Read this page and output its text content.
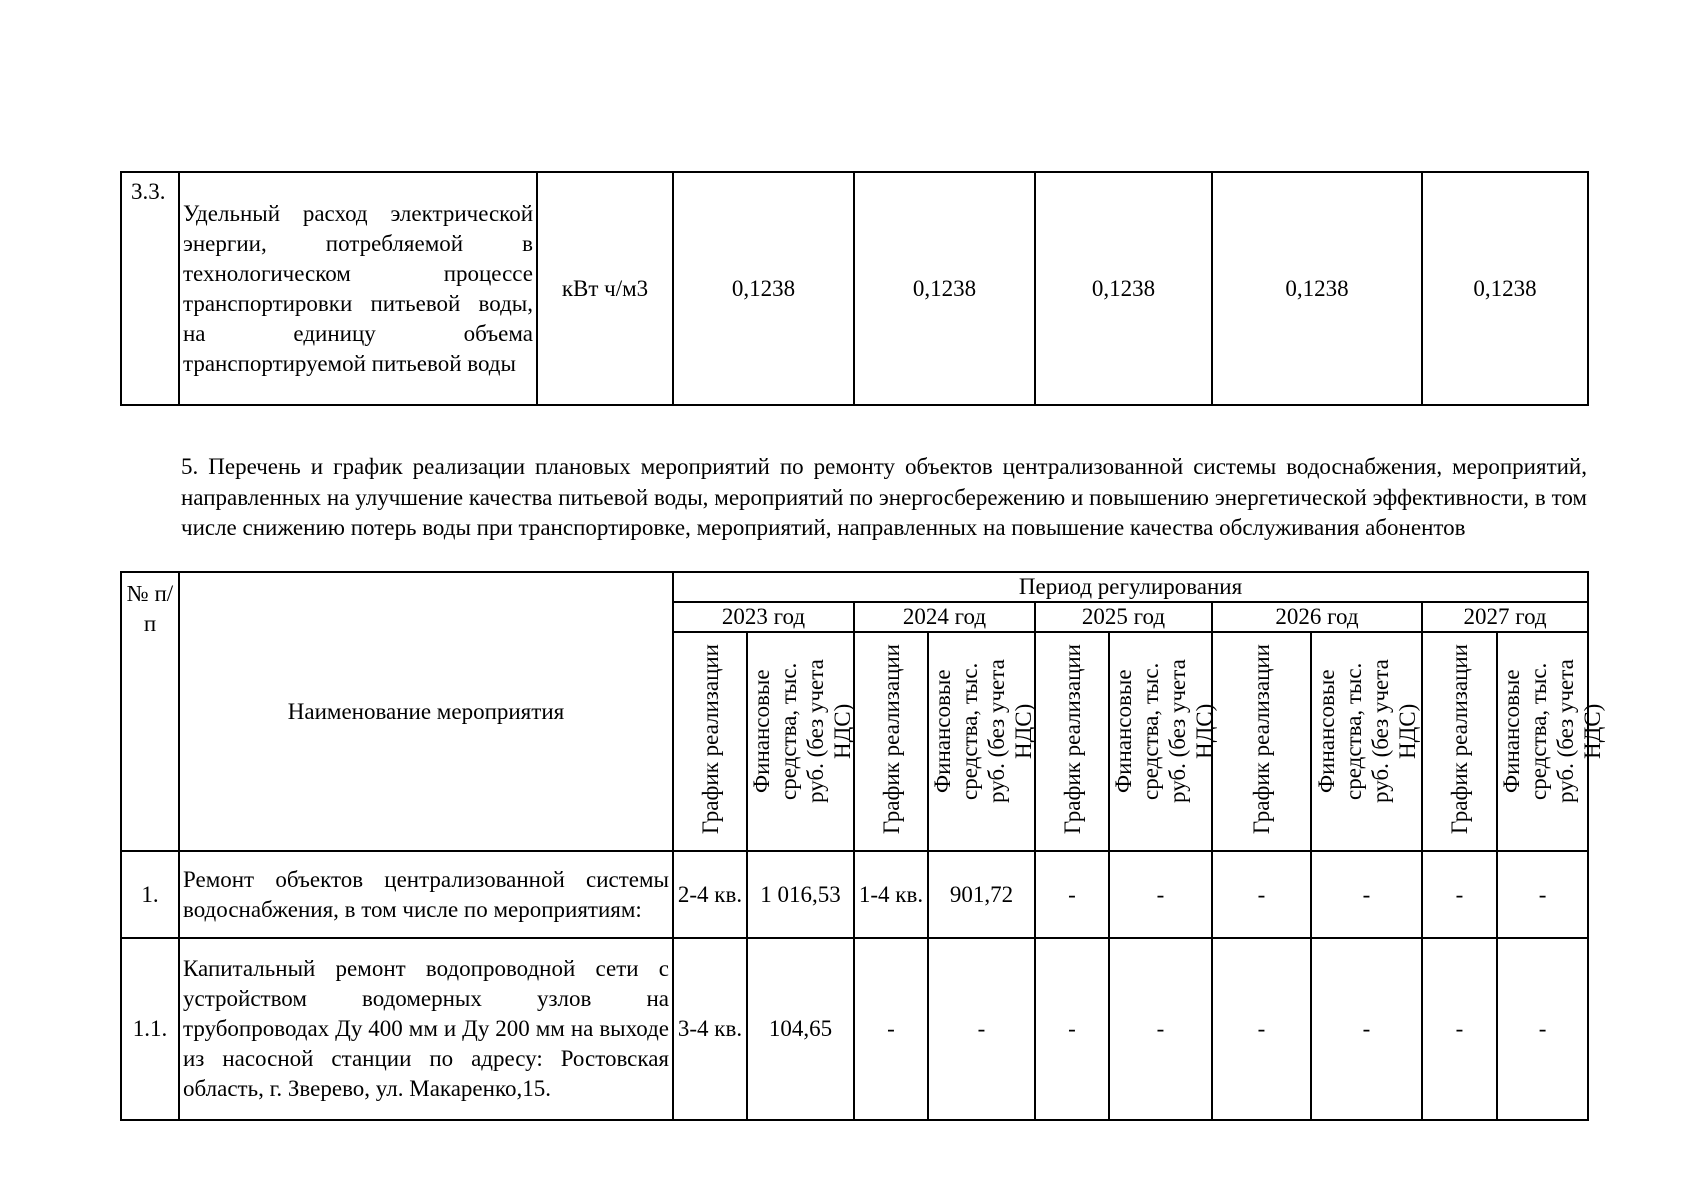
3.3.	Удельный расход электрической энергии, потребляемой в технологическом процессе транспортировки питьевой воды, на единицу объема транспортируемой питьевой воды	кВт ч/м3	0,1238	0,1238	0,1238	0,1238	0,1238
5. Перечень и график реализации плановых мероприятий по ремонту объектов централизованной системы водоснабжения, мероприятий, направленных на улучшение качества питьевой воды, мероприятий по энергосбережению и повышению энергетической эффективности, в том числе снижению потерь воды при транспортировке, мероприятий, направленных на повышение качества обслуживания абонентов
№ п/п	Наименование мероприятия	Период регулирования									
		2023 год		2024 год		2025 год		2026 год		2027 год	
		График реализации	Финансовые средства, тыс. руб. (без учета НДС)	График реализации	Финансовые средства, тыс. руб. (без учета НДС)	График реализации	Финансовые средства, тыс. руб. (без учета НДС)	График реализации	Финансовые средства, тыс. руб. (без учета НДС)	График реализации	Финансовые средства, тыс. руб. (без учета НДС)
1.	Ремонт объектов централизованной системы водоснабжения, в том числе по мероприятиям:	2-4 кв.	1 016,53	1-4 кв.	901,72	-	-	-	-	-	-
1.1.	Капитальный ремонт водопроводной сети с устройством водомерных узлов на трубопроводах Ду 400 мм и Ду 200 мм на выходе из насосной станции по адресу: Ростовская область, г. Зверево, ул. Макаренко,15.	3-4 кв.	104,65	-	-	-	-	-	-	-	-
